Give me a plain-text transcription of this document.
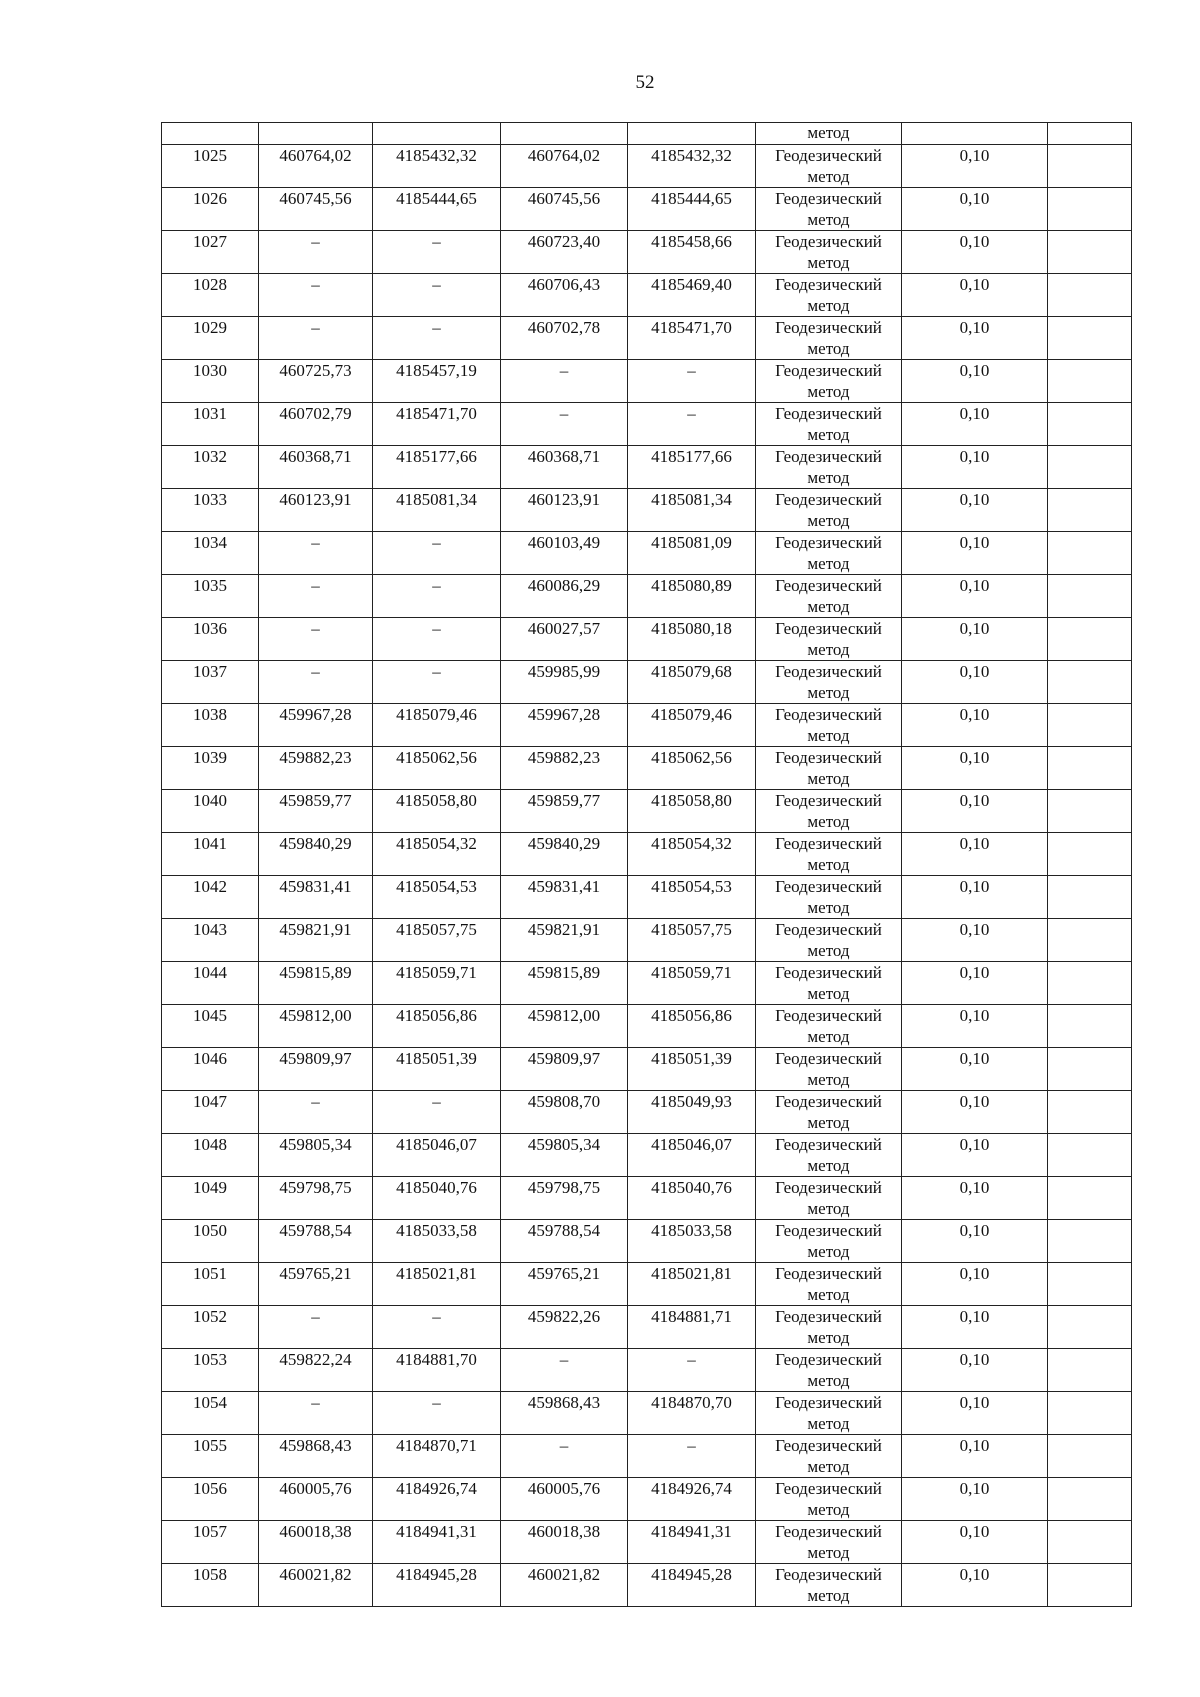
52
					метод		
1025	460764,02	4185432,32	460764,02	4185432,32	Геодезический
метод	0,10	
1026	460745,56	4185444,65	460745,56	4185444,65	Геодезический
метод	0,10	
1027	–	–	460723,40	4185458,66	Геодезический
метод	0,10	
1028	–	–	460706,43	4185469,40	Геодезический
метод	0,10	
1029	–	–	460702,78	4185471,70	Геодезический
метод	0,10	
1030	460725,73	4185457,19	–	–	Геодезический
метод	0,10	
1031	460702,79	4185471,70	–	–	Геодезический
метод	0,10	
1032	460368,71	4185177,66	460368,71	4185177,66	Геодезический
метод	0,10	
1033	460123,91	4185081,34	460123,91	4185081,34	Геодезический
метод	0,10	
1034	–	–	460103,49	4185081,09	Геодезический
метод	0,10	
1035	–	–	460086,29	4185080,89	Геодезический
метод	0,10	
1036	–	–	460027,57	4185080,18	Геодезический
метод	0,10	
1037	–	–	459985,99	4185079,68	Геодезический
метод	0,10	
1038	459967,28	4185079,46	459967,28	4185079,46	Геодезический
метод	0,10	
1039	459882,23	4185062,56	459882,23	4185062,56	Геодезический
метод	0,10	
1040	459859,77	4185058,80	459859,77	4185058,80	Геодезический
метод	0,10	
1041	459840,29	4185054,32	459840,29	4185054,32	Геодезический
метод	0,10	
1042	459831,41	4185054,53	459831,41	4185054,53	Геодезический
метод	0,10	
1043	459821,91	4185057,75	459821,91	4185057,75	Геодезический
метод	0,10	
1044	459815,89	4185059,71	459815,89	4185059,71	Геодезический
метод	0,10	
1045	459812,00	4185056,86	459812,00	4185056,86	Геодезический
метод	0,10	
1046	459809,97	4185051,39	459809,97	4185051,39	Геодезический
метод	0,10	
1047	–	–	459808,70	4185049,93	Геодезический
метод	0,10	
1048	459805,34	4185046,07	459805,34	4185046,07	Геодезический
метод	0,10	
1049	459798,75	4185040,76	459798,75	4185040,76	Геодезический
метод	0,10	
1050	459788,54	4185033,58	459788,54	4185033,58	Геодезический
метод	0,10	
1051	459765,21	4185021,81	459765,21	4185021,81	Геодезический
метод	0,10	
1052	–	–	459822,26	4184881,71	Геодезический
метод	0,10	
1053	459822,24	4184881,70	–	–	Геодезический
метод	0,10	
1054	–	–	459868,43	4184870,70	Геодезический
метод	0,10	
1055	459868,43	4184870,71	–	–	Геодезический
метод	0,10	
1056	460005,76	4184926,74	460005,76	4184926,74	Геодезический
метод	0,10	
1057	460018,38	4184941,31	460018,38	4184941,31	Геодезический
метод	0,10	
1058	460021,82	4184945,28	460021,82	4184945,28	Геодезический
метод	0,10	
